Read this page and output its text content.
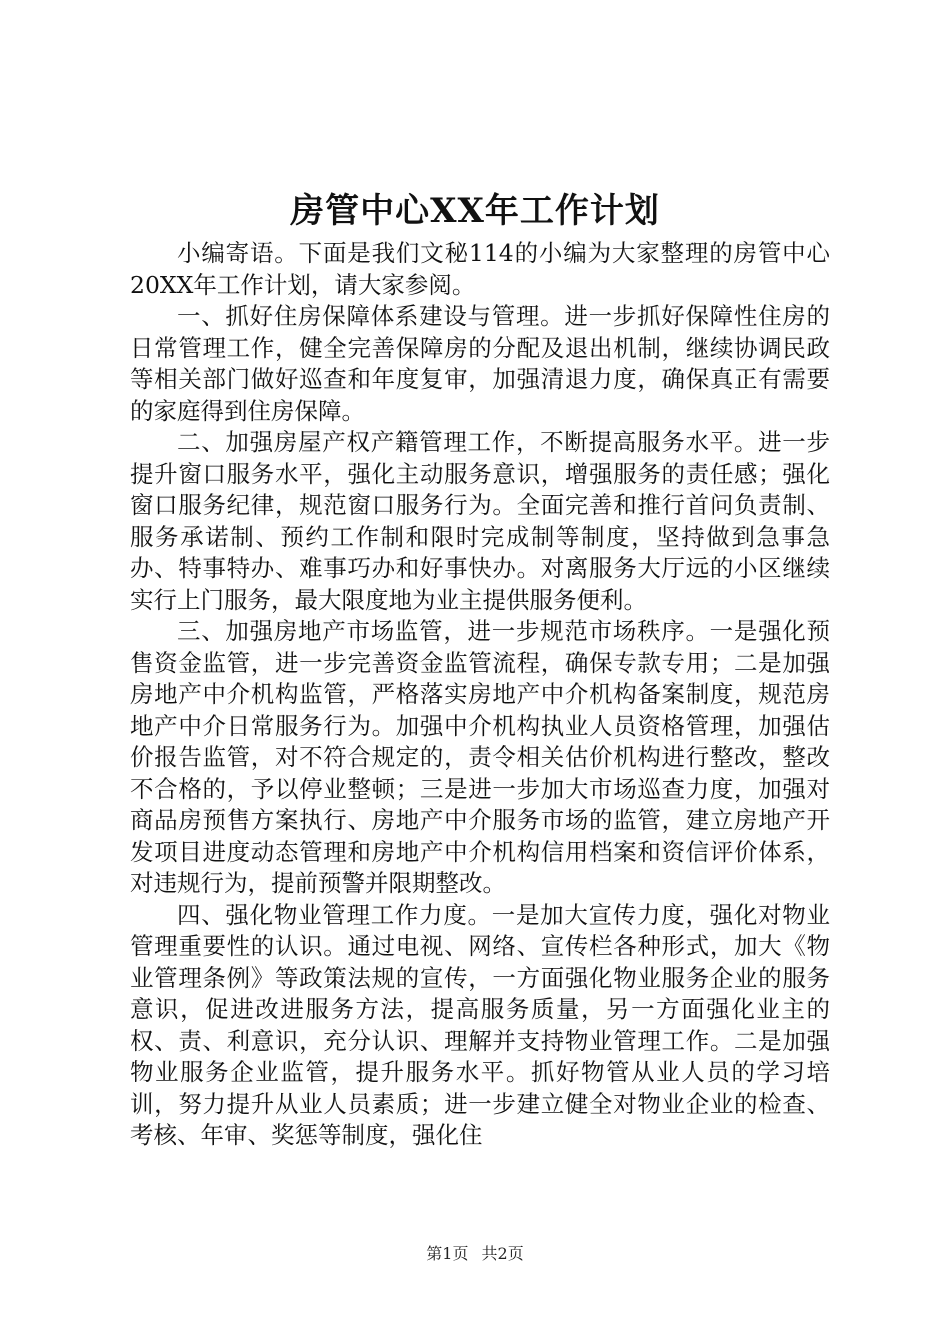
房管中心XX年工作计划

小编寄语。下面是我们文秘114的小编为大家整理的房管中心20XX年工作计划，请大家参阅。

一、抓好住房保障体系建设与管理。进一步抓好保障性住房的日常管理工作，健全完善保障房的分配及退出机制，继续协调民政等相关部门做好巡查和年度复审，加强清退力度，确保真正有需要的家庭得到住房保障。

二、加强房屋产权产籍管理工作，不断提高服务水平。进一步提升窗口服务水平，强化主动服务意识，增强服务的责任感；强化窗口服务纪律，规范窗口服务行为。全面完善和推行首问负责制、服务承诺制、预约工作制和限时完成制等制度，坚持做到急事急办、特事特办、难事巧办和好事快办。对离服务大厅远的小区继续实行上门服务，最大限度地为业主提供服务便利。

三、加强房地产市场监管，进一步规范市场秩序。一是强化预售资金监管，进一步完善资金监管流程，确保专款专用；二是加强房地产中介机构监管，严格落实房地产中介机构备案制度，规范房地产中介日常服务行为。加强中介机构执业人员资格管理，加强估价报告监管，对不符合规定的，责令相关估价机构进行整改，整改不合格的，予以停业整顿；三是进一步加大市场巡查力度，加强对商品房预售方案执行、房地产中介服务市场的监管，建立房地产开发项目进度动态管理和房地产中介机构信用档案和资信评价体系，对违规行为，提前预警并限期整改。

四、强化物业管理工作力度。一是加大宣传力度，强化对物业管理重要性的认识。通过电视、网络、宣传栏各种形式，加大《物业管理条例》等政策法规的宣传，一方面强化物业服务企业的服务意识，促进改进服务方法，提高服务质量，另一方面强化业主的权、责、利意识，充分认识、理解并支持物业管理工作。二是加强物业服务企业监管，提升服务水平。抓好物管从业人员的学习培训，努力提升从业人员素质；进一步建立健全对物业企业的检查、考核、年审、奖惩等制度，强化住

第1页 共2页
